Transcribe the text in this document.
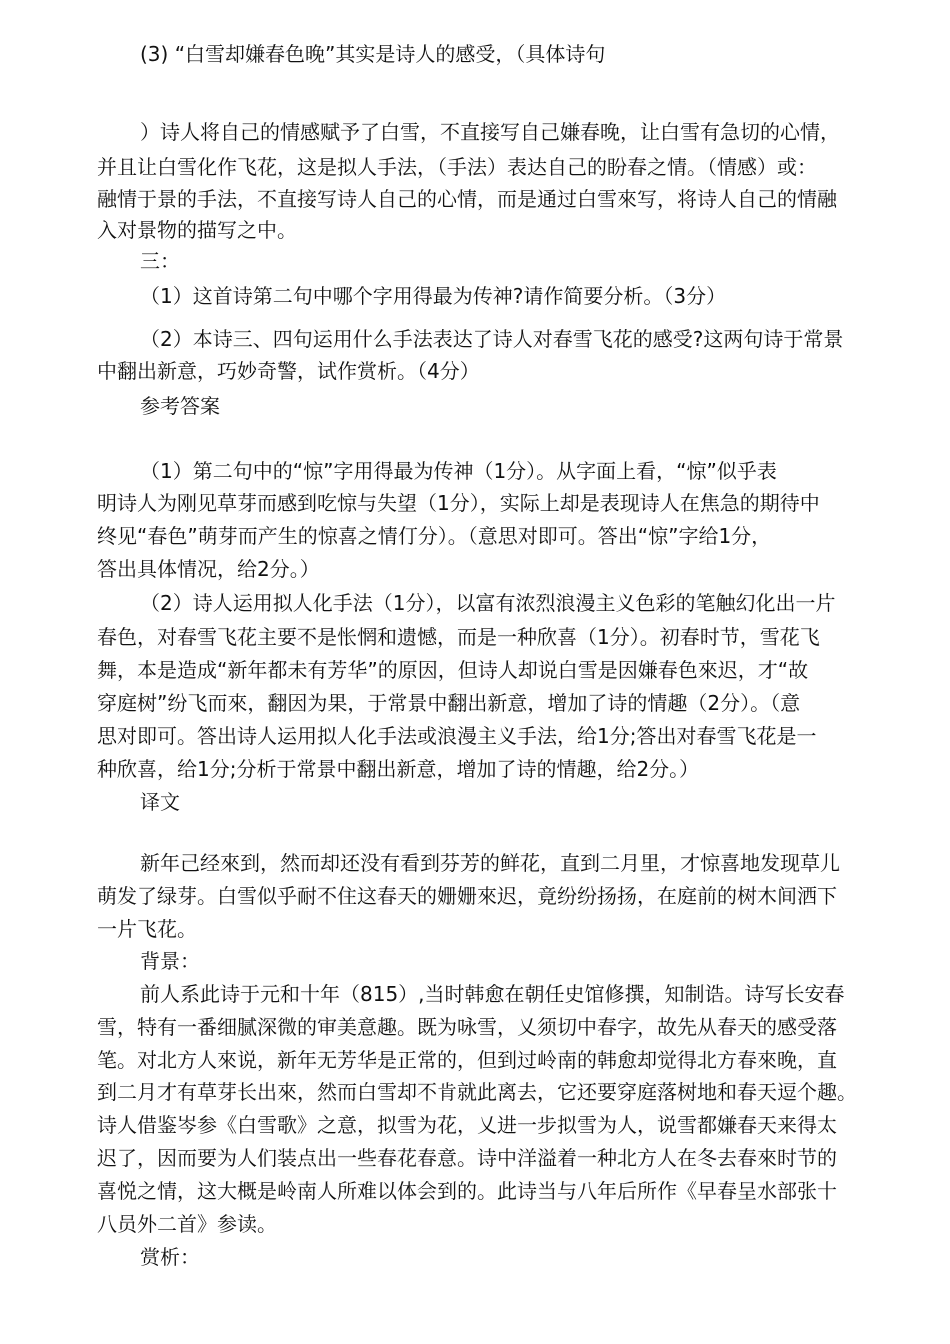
(3) “白雪却嫌春色晚”其实是诗人的感受，（具体诗句
）诗人将自己的情感赋予了白雪，不直接写自己嫌春晚，让白雪有急切的心情，
并且让白雪化作飞花，这是拟人手法，（手法）表达自己的盼春之情。（情感）或：
融情于景的手法，不直接写诗人自己的心情，而是通过白雪來写，将诗人自己的情融
入对景物的描写之中。
三：
（1）这首诗第二句中哪个字用得最为传神?请作简要分析。（3分）
（2）本诗三、四句运用什么手法表达了诗人对春雪飞花的感受?这两句诗于常景
中翻出新意，巧妙奇警，试作赏析。（4分）
参考答案
（1）第二句中的“惊”字用得最为传神（1分）。从字面上看，“惊”似乎表
明诗人为刚见草芽而感到吃惊与失望（1分），实际上却是表现诗人在焦急的期待中
终见“春色”萌芽而产生的惊喜之情仃分）。（意思对即可。答出“惊”字给1分，
答出具体情况，给2分。）
（2）诗人运用拟人化手法（1分），以富有浓烈浪漫主义色彩的笔触幻化出一片
春色，对春雪飞花主要不是怅惘和遗憾，而是一种欣喜（1分）。初春时节，雪花飞
舞，本是造成“新年都未有芳华”的原因，但诗人却说白雪是因嫌春色來迟，才“故
穿庭树”纷飞而來，翻因为果，于常景中翻出新意，增加了诗的情趣（2分）。（意
思对即可。答出诗人运用拟人化手法或浪漫主义手法，给1分;答出对春雪飞花是一
种欣喜，给1分;分析于常景中翻出新意，增加了诗的情趣，给2分。）
译文
新年己经來到，然而却还没有看到芬芳的鲜花，直到二月里，才惊喜地发现草儿
萌发了绿芽。白雪似乎耐不住这春天的姗姗來迟，竟纷纷扬扬，在庭前的树木间洒下
一片飞花。
背景：
前人系此诗于元和十年（815）,当时韩愈在朝任史馆修撰，知制诰。诗写长安春
雪，特有一番细腻深微的审美意趣。既为咏雪，乂须切中春字，故先从春天的感受落
笔。对北方人來说，新年无芳华是正常的，但到过岭南的韩愈却觉得北方春來晚，直
到二月才有草芽长出來，然而白雪却不肯就此离去，它还要穿庭落树地和春天逗个趣。
诗人借鉴岑参《白雪歌》之意，拟雪为花，乂进一步拟雪为人，说雪都嫌春天来得太
迟了，因而要为人们装点出一些春花春意。诗中洋溢着一种北方人在冬去春來时节的
喜悦之情，这大概是岭南人所难以体会到的。此诗当与八年后所作《早春呈水部张十
八员外二首》参读。
赏析：
